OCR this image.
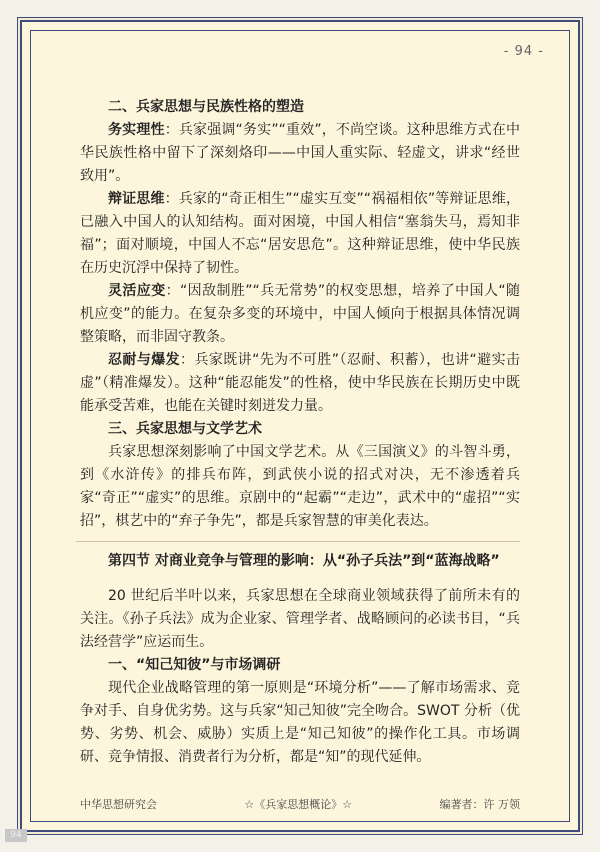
- 94 -
二、兵家思想与民族性格的塑造

务实理性：兵家强调“务实”“重效”，不尚空谈。这种思维方式在中华民族性格中留下了深刻烙印——中国人重实际、轻虚文，讲求“经世致用”。

辩证思维：兵家的“奇正相生”“虚实互变”“祸福相依”等辩证思维，已融入中国人的认知结构。面对困境，中国人相信“塞翁失马，焉知非福”；面对顺境，中国人不忘“居安思危”。这种辩证思维，使中华民族在历史沉浮中保持了韧性。

灵活应变：“因敌制胜”“兵无常势”的权变思想，培养了中国人“随机应变”的能力。在复杂多变的环境中，中国人倾向于根据具体情况调整策略，而非固守教条。

忍耐与爆发：兵家既讲“先为不可胜”（忍耐、积蓄），也讲“避实击虚”（精准爆发）。这种“能忍能发”的性格，使中华民族在长期历史中既能承受苦难，也能在关键时刻迸发力量。

三、兵家思想与文学艺术

兵家思想深刻影响了中国文学艺术。从《三国演义》的斗智斗勇，到《水浒传》的排兵布阵，到武侠小说的招式对决，无不渗透着兵家“奇正”“虚实”的思维。京剧中的“起霸”“走边”，武术中的“虚招”“实招”，棋艺中的“弃子争先”，都是兵家智慧的审美化表达。

第四节 对商业竞争与管理的影响：从“孙子兵法”到“蓝海战略”

20 世纪后半叶以来，兵家思想在全球商业领域获得了前所未有的关注。《孙子兵法》成为企业家、管理学者、战略顾问的必读书目，“兵法经营学”应运而生。

一、“知己知彼”与市场调研

现代企业战略管理的第一原则是“环境分析”——了解市场需求、竞争对手、自身优劣势。这与兵家“知己知彼”完全吻合。SWOT 分析（优势、劣势、机会、威胁）实质上是“知己知彼”的操作化工具。市场调研、竞争情报、消费者行为分析，都是“知”的现代延伸。

中华思想研究会	☆《兵家思想概论》☆	编著者：许 万领
94
